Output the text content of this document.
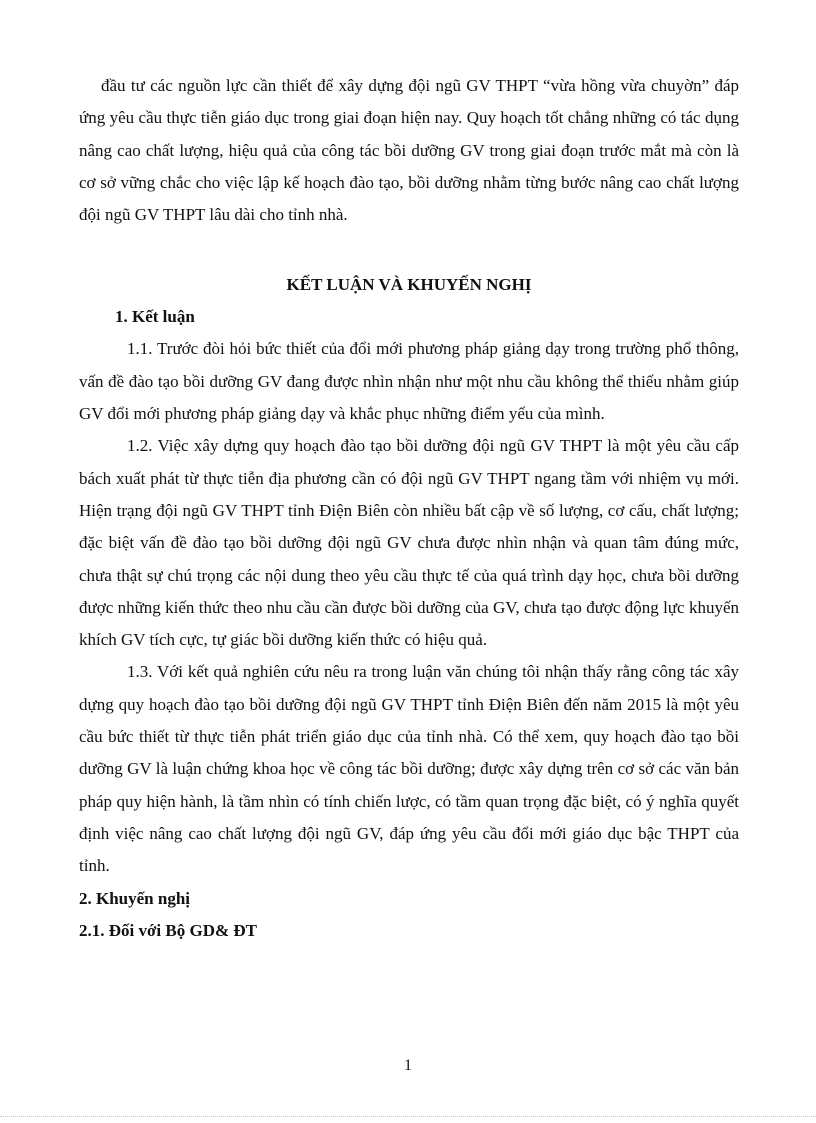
đầu tư các nguồn lực cần thiết để xây dựng đội ngũ GV THPT “vừa hồng vừa chuyờn” đáp ứng yêu cầu thực tiễn giáo dục trong giai đoạn hiện nay. Quy hoạch tốt chẳng những có tác dụng nâng cao chất lượng, hiệu quả của công tác bồi dưỡng GV trong giai đoạn trước mắt mà còn là cơ sở vững chắc cho việc lập kế hoạch đào tạo, bồi dưỡng nhằm từng bước nâng cao chất lượng đội ngũ GV THPT lâu dài cho tỉnh nhà.

KẾT LUẬN VÀ KHUYẾN NGHỊ
1. Kết luận

1.1. Trước đòi hỏi bức thiết của đổi mới phương pháp giảng dạy trong trường phổ thông, vấn đề đào tạo bồi dưỡng GV đang được nhìn nhận như một nhu cầu không thể thiếu nhằm giúp GV đổi mới phương pháp giảng dạy và khắc phục những điểm yếu của mình.

1.2. Việc xây dựng quy hoạch đào tạo bồi dưỡng đội ngũ GV THPT là một yêu cầu cấp bách xuất phát từ thực tiễn địa phương cần có đội ngũ GV THPT ngang tầm với nhiệm vụ mới. Hiện trạng đội ngũ GV THPT tỉnh Điện Biên còn nhiều bất cập về số lượng, cơ cấu, chất lượng; đặc biệt vấn đề đào tạo bồi dưỡng đội ngũ GV chưa được nhìn nhận và quan tâm đúng mức, chưa thật sự chú trọng các nội dung theo yêu cầu thực tế của quá trình dạy học, chưa bồi dưỡng được những kiến thức theo nhu cầu cần được bồi dưỡng của GV, chưa tạo được động lực khuyến khích GV tích cực, tự giác bồi dưỡng kiến thức có hiệu quả.

1.3. Với kết quả nghiên cứu nêu ra trong luận văn chúng tôi nhận thấy rằng công tác xây dựng quy hoạch đào tạo bồi dưỡng đội ngũ GV THPT tỉnh Điện Biên đến năm 2015 là một yêu cầu bức thiết từ thực tiễn phát triển giáo dục của tỉnh nhà. Có thể xem, quy hoạch đào tạo bồi dưỡng GV là luận chứng khoa học về công tác bồi dưỡng; được xây dựng trên cơ sở các văn bản pháp quy hiện hành, là tầm nhìn có tính chiến lược, có tầm quan trọng đặc biệt, có ý nghĩa quyết định việc nâng cao chất lượng đội ngũ GV, đáp ứng yêu cầu đổi mới giáo dục bậc THPT của tỉnh.

2. Khuyến nghị
2.1. Đối với Bộ GD& ĐT
1
